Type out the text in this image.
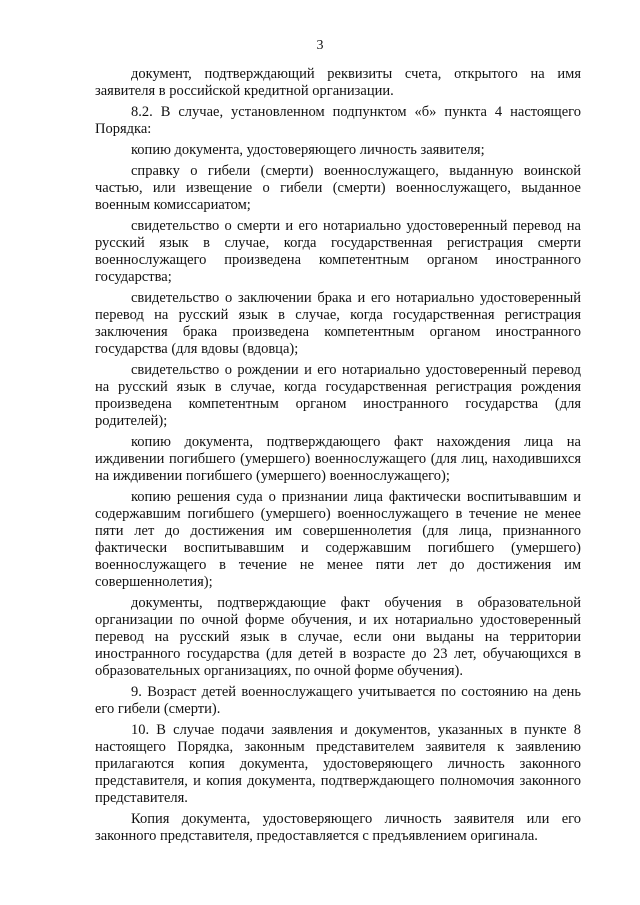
3

документ, подтверждающий реквизиты счета, открытого на имя заявителя в российской кредитной организации.

8.2. В случае, установленном подпунктом «б» пункта 4 настоящего Порядка:

копию документа, удостоверяющего личность заявителя;

справку о гибели (смерти) военнослужащего, выданную воинской частью, или извещение о гибели (смерти) военнослужащего, выданное военным комиссариатом;

свидетельство о смерти и его нотариально удостоверенный перевод на русский язык в случае, когда государственная регистрация смерти военнослужащего произведена компетентным органом иностранного государства;

свидетельство о заключении брака и его нотариально удостоверенный перевод на русский язык в случае, когда государственная регистрация заключения брака произведена компетентным органом иностранного государства (для вдовы (вдовца);

свидетельство о рождении и его нотариально удостоверенный перевод на русский язык в случае, когда государственная регистрация рождения произведена компетентным органом иностранного государства (для родителей);

копию документа, подтверждающего факт нахождения лица на иждивении погибшего (умершего) военнослужащего (для лиц, находившихся на иждивении погибшего (умершего) военнослужащего);

копию решения суда о признании лица фактически воспитывавшим и содержавшим погибшего (умершего) военнослужащего в течение не менее пяти лет до достижения им совершеннолетия (для лица, признанного фактически воспитывавшим и содержавшим погибшего (умершего) военнослужащего в течение не менее пяти лет до достижения им совершеннолетия);

документы, подтверждающие факт обучения в образовательной организации по очной форме обучения, и их нотариально удостоверенный перевод на русский язык в случае, если они выданы на территории иностранного государства (для детей в возрасте до 23 лет, обучающихся в образовательных организациях, по очной форме обучения).

9. Возраст детей военнослужащего учитывается по состоянию на день его гибели (смерти).

10. В случае подачи заявления и документов, указанных в пункте 8 настоящего Порядка, законным представителем заявителя к заявлению прилагаются копия документа, удостоверяющего личность законного представителя, и копия документа, подтверждающего полномочия законного представителя.

Копия документа, удостоверяющего личность заявителя или его законного представителя, предоставляется с предъявлением оригинала.
